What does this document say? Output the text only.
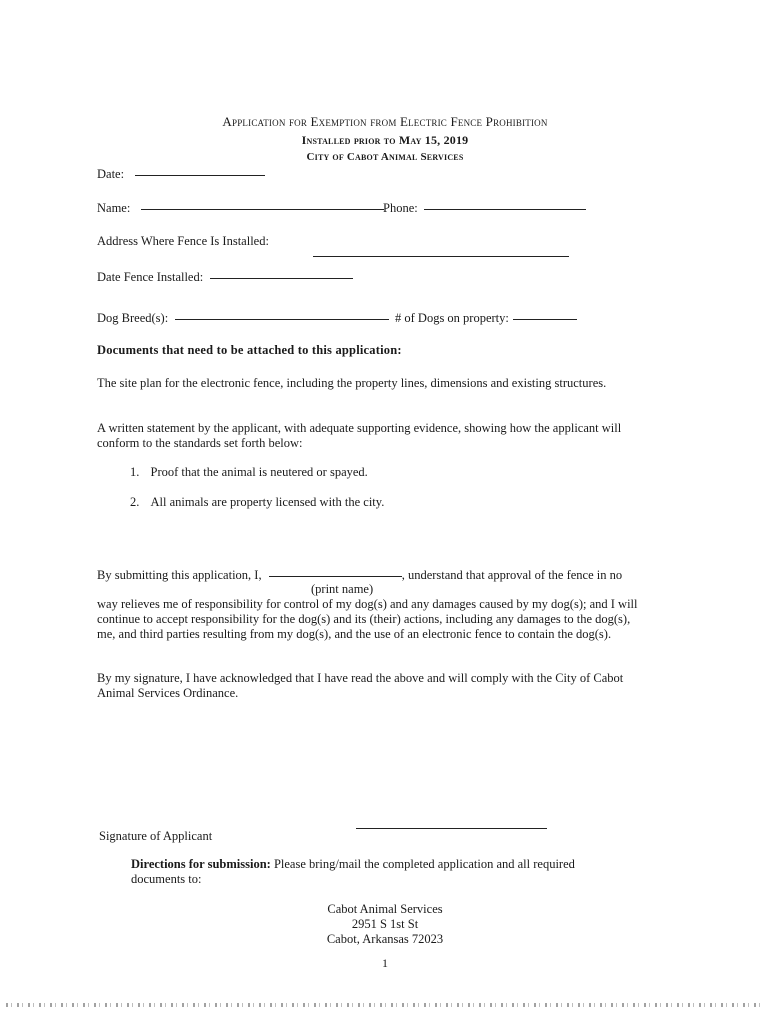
Application for Exemption from Electric Fence Prohibition
Installed prior to May 15, 2019
City of Cabot Animal Services
Date:
Name:	Phone:
Address Where Fence Is Installed:

Date Fence Installed:
Dog Breed(s):	# of Dogs on property:
Documents that need to be attached to this application:
The site plan for the electronic fence, including the property lines, dimensions and existing structures.
A written statement by the applicant, with adequate supporting evidence, showing how the applicant will conform to the standards set forth below:
1. Proof that the animal is neutered or spayed.
2. All animals are property licensed with the city.
By submitting this application, I,	, understand that approval of the fence in no
(print name)
way relieves me of responsibility for control of my dog(s) and any damages caused by my dog(s); and I will continue to accept responsibility for the dog(s) and its (their) actions, including any damages to the dog(s), me, and third parties resulting from my dog(s), and the use of an electronic fence to contain the dog(s).
By my signature, I have acknowledged that I have read the above and will comply with the City of Cabot Animal Services Ordinance.
Signature of Applicant
Directions for submission: Please bring/mail the completed application and all required documents to:
Cabot Animal Services
2951 S 1st St
Cabot, Arkansas 72023
1
